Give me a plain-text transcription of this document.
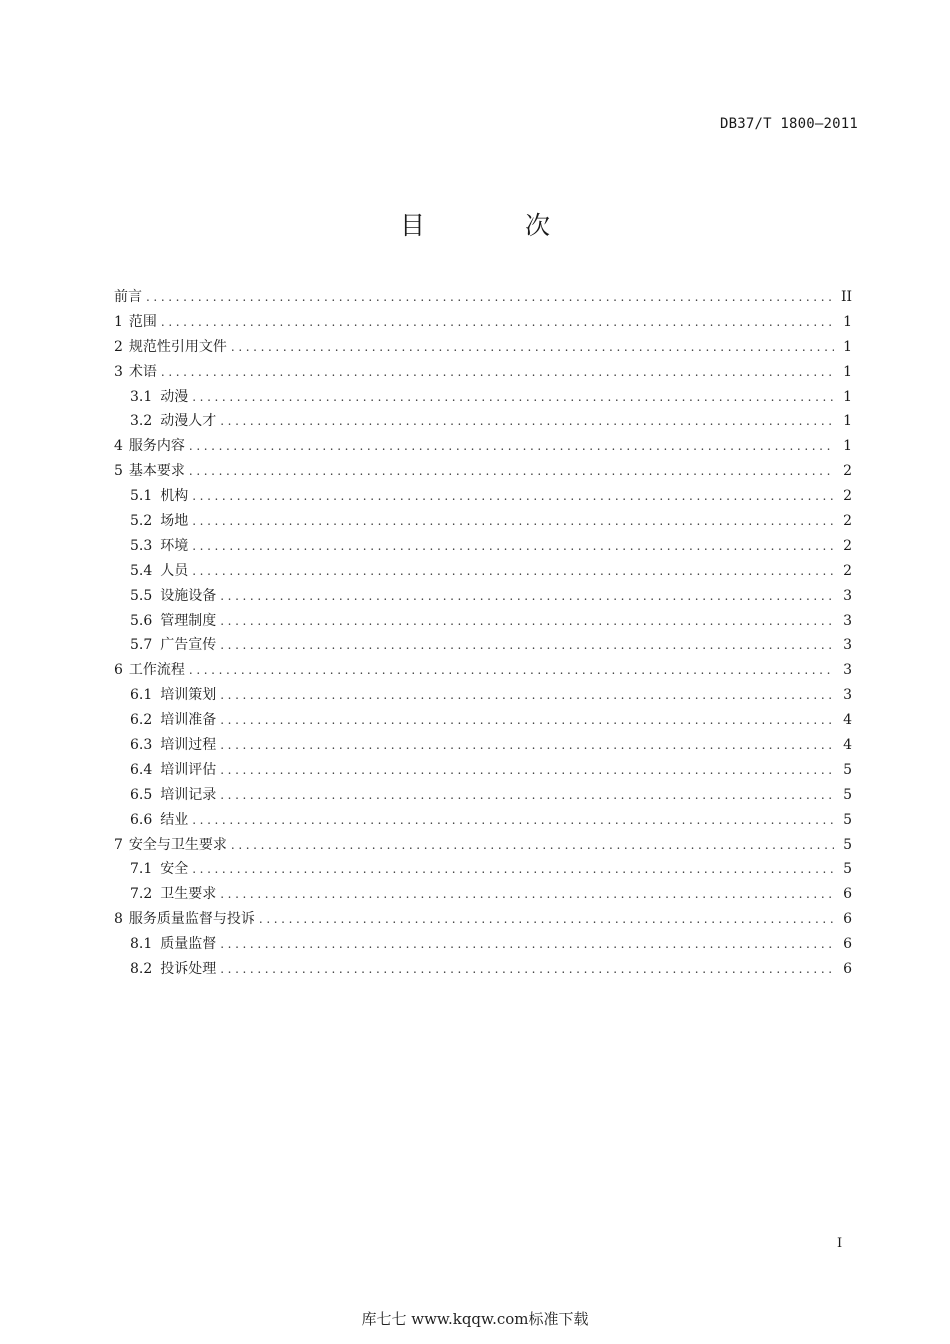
DB37/T 1800—2011
目 次
前言 .....	II
1 范围 .....	1
2 规范性引用文件 .....	1
3 术语 .....	1
3.1 动漫 .....	1
3.2 动漫人才 .....	1
4 服务内容 .....	1
5 基本要求 .....	2
5.1 机构 .....	2
5.2 场地 .....	2
5.3 环境 .....	2
5.4 人员 .....	2
5.5 设施设备 .....	3
5.6 管理制度 .....	3
5.7 广告宣传 .....	3
6 工作流程 .....	3
6.1 培训策划 .....	3
6.2 培训准备 .....	4
6.3 培训过程 .....	4
6.4 培训评估 .....	5
6.5 培训记录 .....	5
6.6 结业 .....	5
7 安全与卫生要求 .....	5
7.1 安全 .....	5
7.2 卫生要求 .....	6
8 服务质量监督与投诉 .....	6
8.1 质量监督 .....	6
8.2 投诉处理 .....	6
I
库七七 www.kqqw.com标准下载
